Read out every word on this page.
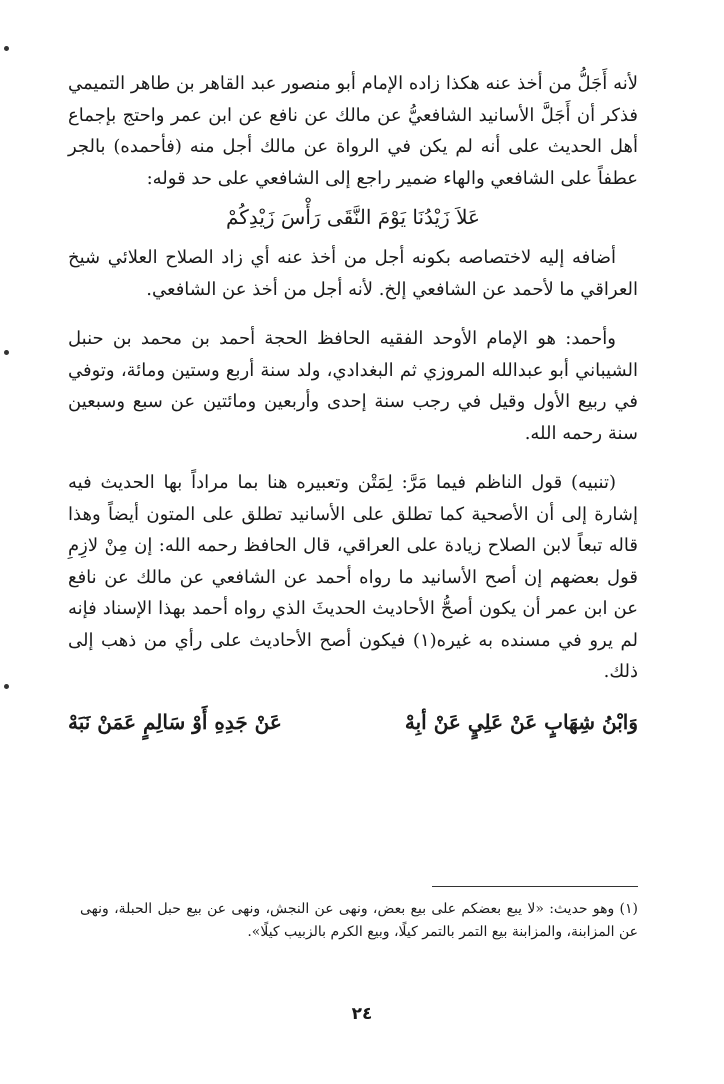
لأنه أَجَلُّ من أخذ عنه هكذا زاده الإمام أبو منصور عبد القاهر بن طاهر التميمي فذكر أن أَجَلَّ الأسانيد الشافعيُّ عن مالك عن نافع عن ابن عمر واحتج بإجماع أهل الحديث على أنه لم يكن في الرواة عن مالك أجل منه (فأحمده) بالجر عطفاً على الشافعي والهاء ضمير راجع إلى الشافعي على حد قوله:

عَلاَ زَيْدُنَا يَوْمَ النَّقَى رَأْسَ زَيْدِكُمْ

أضافه إليه لاختصاصه بكونه أجل من أخذ عنه أي زاد الصلاح العلائي شيخ العراقي ما لأحمد عن الشافعي إلخ. لأنه أجل من أخذ عن الشافعي.

وأحمد: هو الإمام الأوحد الفقيه الحافظ الحجة أحمد بن محمد بن حنبل الشيباني أبو عبدالله المروزي ثم البغدادي، ولد سنة أربع وستين ومائة، وتوفي في ربيع الأول وقيل في رجب سنة إحدى وأربعين ومائتين عن سبع وسبعين سنة رحمه الله.

(تنبيه) قول الناظم فيما مَرَّ: لِمَتْن وتعبيره هنا بما مراداً بها الحديث فيه إشارة إلى أن الأصحية كما تطلق على الأسانيد تطلق على المتون أيضاً وهذا قاله تبعاً لابن الصلاح زيادة على العراقي، قال الحافظ رحمه الله: إن مِنْ لازِمِ قول بعضهم إن أصح الأسانيد ما رواه أحمد عن الشافعي عن مالك عن نافع عن ابن عمر أن يكون أصحُّ الأحاديث الحديثَ الذي رواه أحمد بهذا الإسناد فإنه لم يرو في مسنده به غيره(١) فيكون أصح الأحاديث على رأي من ذهب إلى ذلك.

وَابْنُ شِهَابٍ عَنْ عَلِيٍ عَنْ أبِهْ
عَنْ جَدِهِ أَوْ سَالِمٍ عَمَنْ نَبَهْ
(١) وهو حديث: «لا يبع بعضكم على بيع بعض، ونهى عن النجش، ونهى عن بيع حبل الحبلة، ونهى عن المزابنة، والمزابنة بيع التمر بالتمر كيلًا، وبيع الكرم بالزبيب كيلًا».
٢٤
